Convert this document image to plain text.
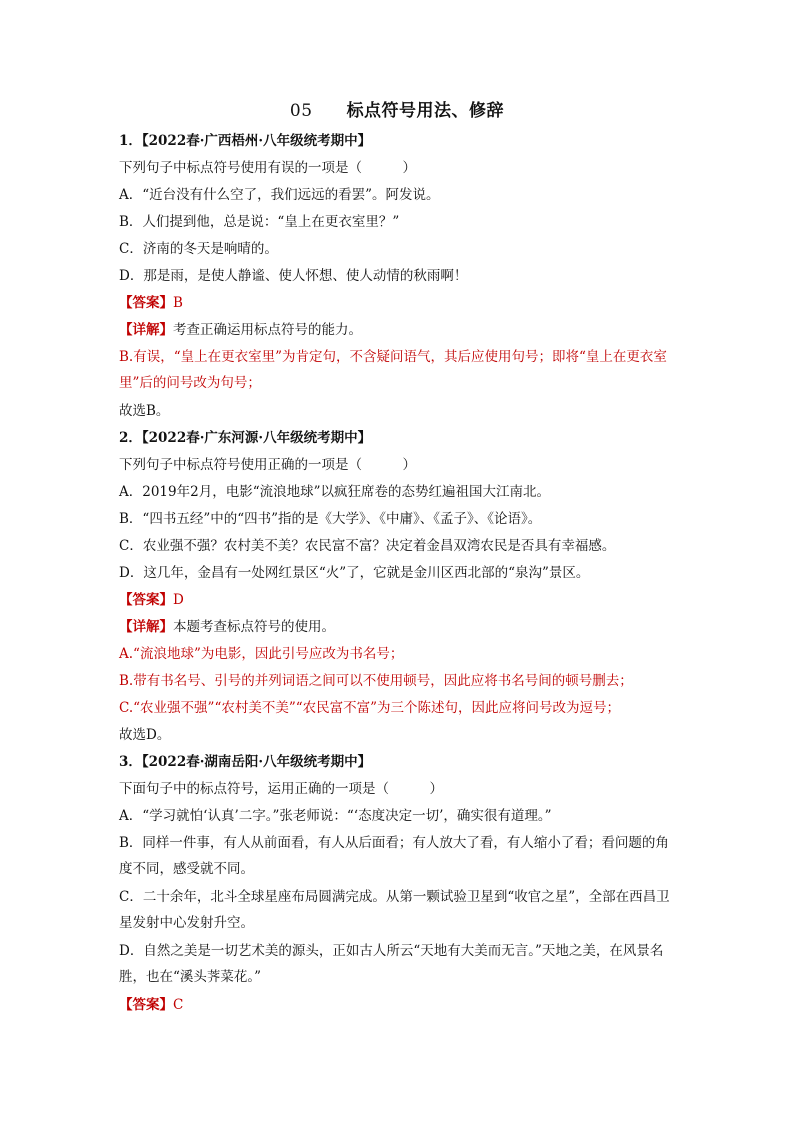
05 标点符号用法、修辞
1．【2022春·广西梧州·八年级统考期中】
下列句子中标点符号使用有误的一项是（　　　）
A．“近台没有什么空了，我们远远的看罢”。阿发说。
B．人们提到他，总是说：“皇上在更衣室里？”
C．济南的冬天是响晴的。
D．那是雨，是使人静谧、使人怀想、使人动情的秋雨啊！
【答案】B
【详解】考查正确运用标点符号的能力。
B.有误，“皇上在更衣室里”为肯定句，不含疑问语气，其后应使用句号；即将“皇上在更衣室里”后的问号改为句号；
故选B。
2．【2022春·广东河源·八年级统考期中】
下列句子中标点符号使用正确的一项是（　　　）
A．2019年2月，电影“流浪地球”以疯狂席卷的态势红遍祖国大江南北。
B．“四书五经”中的“四书”指的是《大学》、《中庸》、《孟子》、《论语》。
C．农业强不强？农村美不美？农民富不富？决定着金昌双湾农民是否具有幸福感。
D．这几年，金昌有一处网红景区“火”了，它就是金川区西北部的“泉沟”景区。
【答案】D
【详解】本题考查标点符号的使用。
A.“流浪地球”为电影，因此引号应改为书名号；
B.带有书名号、引号的并列词语之间可以不使用顿号，因此应将书名号间的顿号删去；
C.“农业强不强”“农村美不美”“农民富不富”为三个陈述句，因此应将问号改为逗号；
故选D。
3．【2022春·湖南岳阳·八年级统考期中】
下面句子中的标点符号，运用正确的一项是（　　　）
A．“学习就怕‘认真’二字。”张老师说：“‘态度决定一切’，确实很有道理。”
B．同样一件事，有人从前面看，有人从后面看；有人放大了看，有人缩小了看；看问题的角度不同，感受就不同。
C．二十余年，北斗全球星座布局圆满完成。从第一颗试验卫星到“收官之星”，全部在西昌卫星发射中心发射升空。
D．自然之美是一切艺术美的源头，正如古人所云“天地有大美而无言。”天地之美，在风景名胜，也在“溪头荠菜花。”
【答案】C
